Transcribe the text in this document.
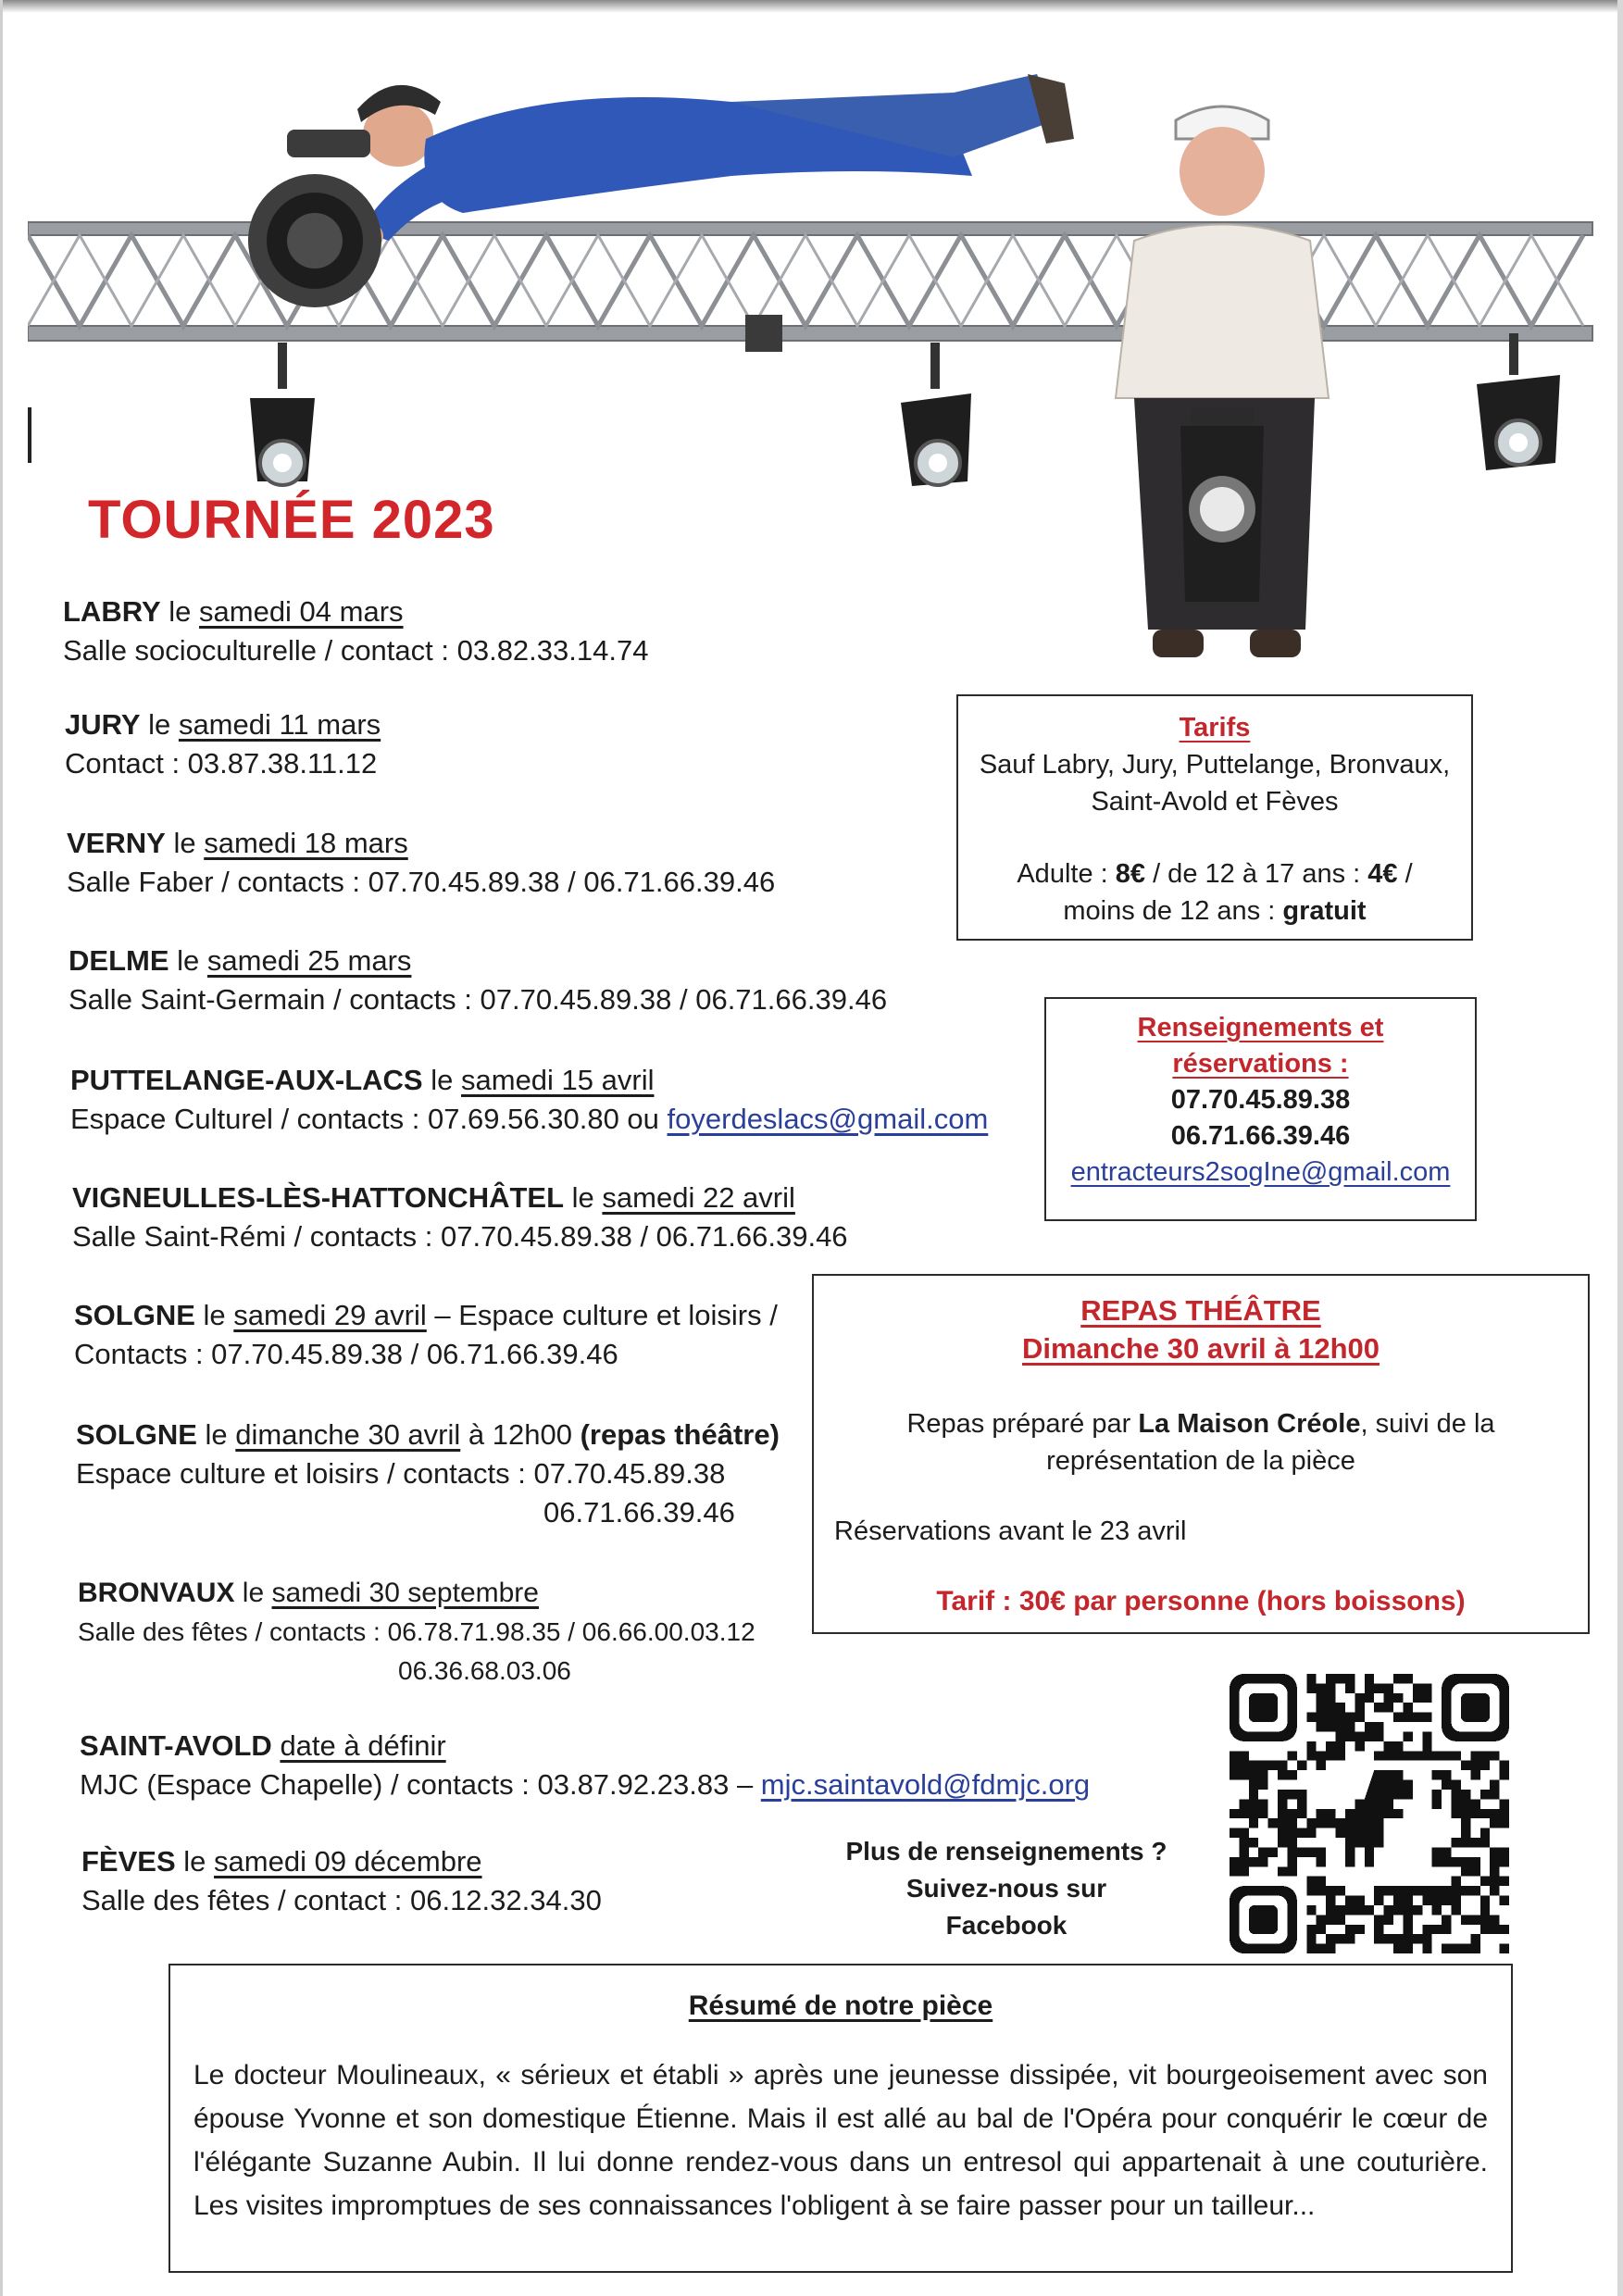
TOURNÉE 2023
LABRY le samedi 04 mars
Salle socioculturelle / contact : 03.82.33.14.74
JURY le samedi 11 mars
Contact : 03.87.38.11.12
VERNY le samedi 18 mars
Salle Faber / contacts : 07.70.45.89.38 / 06.71.66.39.46
DELME le samedi 25 mars
Salle Saint-Germain / contacts : 07.70.45.89.38 / 06.71.66.39.46
PUTTELANGE-AUX-LACS le samedi 15 avril
Espace Culturel / contacts : 07.69.56.30.80 ou foyerdeslacs@gmail.com
VIGNEULLES-LÈS-HATTONCHÂTEL le samedi 22 avril
Salle Saint-Rémi / contacts : 07.70.45.89.38 / 06.71.66.39.46
SOLGNE le samedi 29 avril – Espace culture et loisirs /
Contacts : 07.70.45.89.38 / 06.71.66.39.46
SOLGNE le dimanche 30 avril à 12h00 (repas théâtre)
Espace culture et loisirs / contacts : 07.70.45.89.38
06.71.66.39.46
BRONVAUX le samedi 30 septembre
Salle des fêtes / contacts : 06.78.71.98.35 / 06.66.00.03.12
06.36.68.03.06
SAINT-AVOLD date à définir
MJC (Espace Chapelle) / contacts : 03.87.92.23.83 – mjc.saintavold@fdmjc.org
FÈVES le samedi 09 décembre
Salle des fêtes / contact : 06.12.32.34.30
Tarifs
Sauf Labry, Jury, Puttelange, Bronvaux,
Saint-Avold et Fèves
Adulte : 8€ / de 12 à 17 ans : 4€ /
moins de 12 ans : gratuit
Renseignements et
réservations :
07.70.45.89.38
06.71.66.39.46
entracteurs2sogIne@gmail.com
REPAS THÉÂTRE
Dimanche 30 avril à 12h00
Repas préparé par La Maison Créole, suivi de la
représentation de la pièce
Réservations avant le 23 avril
Tarif : 30€ par personne (hors boissons)
Plus de renseignements ?
Suivez-nous sur Facebook
Résumé de notre pièce
Le docteur Moulineaux, « sérieux et établi » après une jeunesse dissipée, vit bourgeoisement avec son épouse Yvonne et son domestique Étienne. Mais il est allé au bal de l'Opéra pour conquérir le cœur de l'élégante Suzanne Aubin. Il lui donne rendez-vous dans un entresol qui appartenait à une couturière. Les visites impromptues de ses connaissances l'obligent à se faire passer pour un tailleur...
